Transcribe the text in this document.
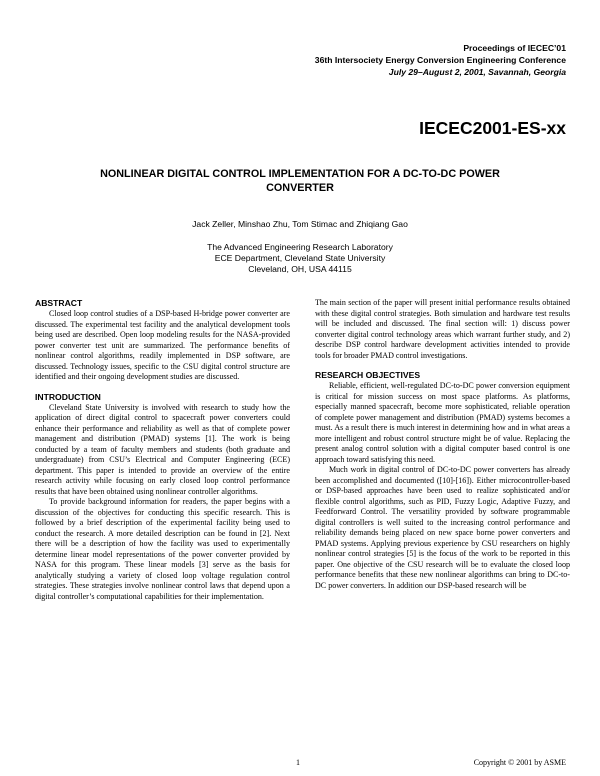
Proceedings of IECEC’01
36th Intersociety Energy Conversion Engineering Conference
July 29–August 2, 2001, Savannah, Georgia
IECEC2001-ES-xx
NONLINEAR DIGITAL CONTROL IMPLEMENTATION FOR A DC-TO-DC POWER CONVERTER
Jack Zeller, Minshao Zhu, Tom Stimac and Zhiqiang Gao
The Advanced Engineering Research Laboratory
ECE Department, Cleveland State University
Cleveland, OH, USA 44115

ABSTRACT

Closed loop control studies of a DSP-based H-bridge power converter are discussed. The experimental test facility and the analytical development tools being used are described. Open loop modeling results for the NASA-provided power converter test unit are summarized. The performance benefits of nonlinear control algorithms, readily implemented in DSP software, are discussed. Technology issues, specific to the CSU digital control structure are identified and their ongoing development studies are discussed.

INTRODUCTION

Cleveland State University is involved with research to study how the application of direct digital control to spacecraft power converters could enhance their performance and reliability as well as that of complete power management and distribution (PMAD) systems [1]. The work is being conducted by a team of faculty members and students (both graduate and undergraduate) from CSU’s Electrical and Computer Engineering (ECE) department. This paper is intended to provide an overview of the entire research activity while focusing on early closed loop control performance results that have been obtained using nonlinear controller algorithms.

To provide background information for readers, the paper begins with a discussion of the objectives for conducting this specific research. This is followed by a brief description of the experimental facility being used to conduct the research. A more detailed description can be found in [2]. Next there will be a description of how the facility was used to experimentally determine linear model representations of the power converter provided by NASA for this program. These linear models [3] serve as the basis for analytically studying a variety of closed loop voltage regulation control strategies. These strategies involve nonlinear control laws that depend upon a digital controller’s computational capabilities for their implementation.

The main section of the paper will present initial performance results obtained with these digital control strategies. Both simulation and hardware test results will be included and discussed. The final section will: 1) discuss power converter digital control technology areas which warrant further study, and 2) describe DSP control hardware development activities intended to provide tools for broader PMAD control investigations.

RESEARCH OBJECTIVES

Reliable, efficient, well-regulated DC-to-DC power conversion equipment is critical for mission success on most space platforms. As platforms, especially manned spacecraft, become more sophisticated, reliable operation of complete power management and distribution (PMAD) systems becomes a must. As a result there is much interest in determining how and in what areas a more intelligent and robust control structure might be of value. Replacing the present analog control solution with a digital computer based control is one approach toward satisfying this need.

Much work in digital control of DC-to-DC power converters has already been accomplished and documented ([10]-[16]). Either microcontroller-based or DSP-based approaches have been used to realize sophisticated and/or flexible control algorithms, such as PID, Fuzzy Logic, Adaptive Fuzzy, and Feedforward Control. The versatility provided by software programmable digital controllers is well suited to the increasing control performance and reliability demands being placed on new space borne power converters and PMAD systems. Applying previous experience by CSU researchers on highly nonlinear control strategies [5] is the focus of the work to be reported in this paper. One objective of the CSU research will be to evaluate the closed loop performance benefits that these new nonlinear algorithms can bring to DC-to-DC power converters. In addition our DSP-based research will be

1	Copyright © 2001 by ASME
